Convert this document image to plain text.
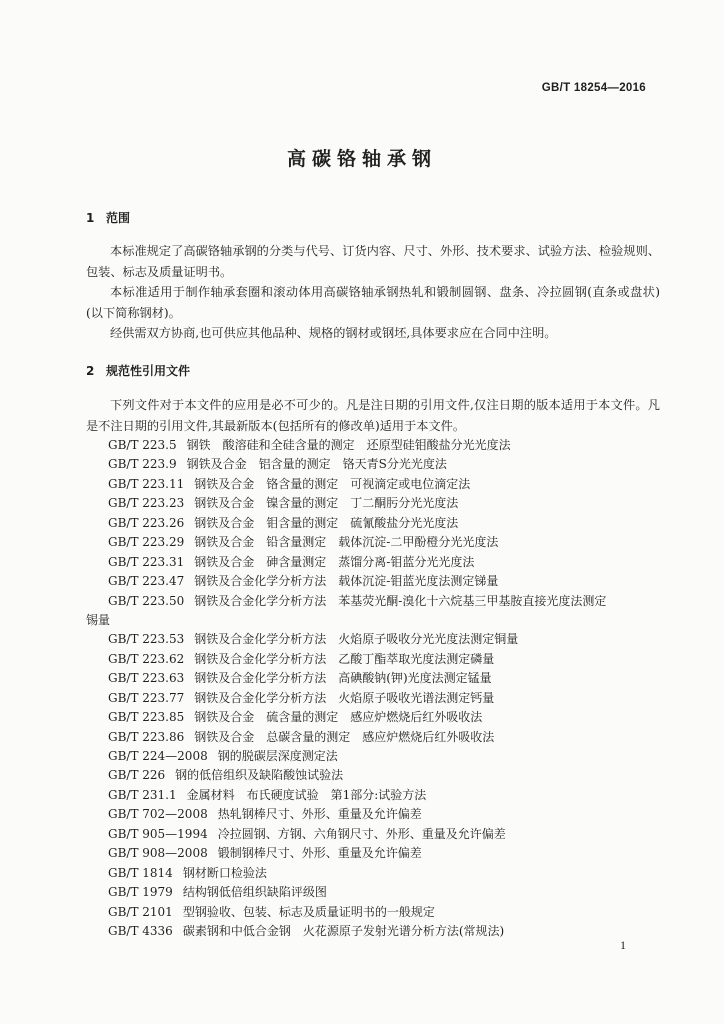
GB/T 18254—2016
高碳铬轴承钢
1 范围
本标准规定了高碳铬轴承钢的分类与代号、订货内容、尺寸、外形、技术要求、试验方法、检验规则、包装、标志及质量证明书。
本标准适用于制作轴承套圈和滚动体用高碳铬轴承钢热轧和锻制圆钢、盘条、冷拉圆钢(直条或盘状)(以下简称钢材)。
经供需双方协商,也可供应其他品种、规格的钢材或钢坯,具体要求应在合同中注明。
2 规范性引用文件
下列文件对于本文件的应用是必不可少的。凡是注日期的引用文件,仅注日期的版本适用于本文件。凡是不注日期的引用文件,其最新版本(包括所有的修改单)适用于本文件。
GB/T 223.5 钢铁　酸溶硅和全硅含量的测定　还原型硅钼酸盐分光光度法
GB/T 223.9 钢铁及合金　铝含量的测定　铬天青S分光光度法
GB/T 223.11 钢铁及合金　铬含量的测定　可视滴定或电位滴定法
GB/T 223.23 钢铁及合金　镍含量的测定　丁二酮肟分光光度法
GB/T 223.26 钢铁及合金　钼含量的测定　硫氰酸盐分光光度法
GB/T 223.29 钢铁及合金　铅含量测定　载体沉淀-二甲酚橙分光光度法
GB/T 223.31 钢铁及合金　砷含量测定　蒸馏分离-钼蓝分光光度法
GB/T 223.47 钢铁及合金化学分析方法　载体沉淀-钼蓝光度法测定锑量
GB/T 223.50 钢铁及合金化学分析方法　苯基荧光酮-溴化十六烷基三甲基胺直接光度法测定
锡量
GB/T 223.53 钢铁及合金化学分析方法　火焰原子吸收分光光度法测定铜量
GB/T 223.62 钢铁及合金化学分析方法　乙酸丁酯萃取光度法测定磷量
GB/T 223.63 钢铁及合金化学分析方法　高碘酸钠(钾)光度法测定锰量
GB/T 223.77 钢铁及合金化学分析方法　火焰原子吸收光谱法测定钙量
GB/T 223.85 钢铁及合金　硫含量的测定　感应炉燃烧后红外吸收法
GB/T 223.86 钢铁及合金　总碳含量的测定　感应炉燃烧后红外吸收法
GB/T 224—2008 钢的脱碳层深度测定法
GB/T 226 钢的低倍组织及缺陷酸蚀试验法
GB/T 231.1 金属材料　布氏硬度试验　第1部分:试验方法
GB/T 702—2008 热轧钢棒尺寸、外形、重量及允许偏差
GB/T 905—1994 冷拉圆钢、方钢、六角钢尺寸、外形、重量及允许偏差
GB/T 908—2008 锻制钢棒尺寸、外形、重量及允许偏差
GB/T 1814 钢材断口检验法
GB/T 1979 结构钢低倍组织缺陷评级图
GB/T 2101 型钢验收、包装、标志及质量证明书的一般规定
GB/T 4336 碳素钢和中低合金钢　火花源原子发射光谱分析方法(常规法)
1
